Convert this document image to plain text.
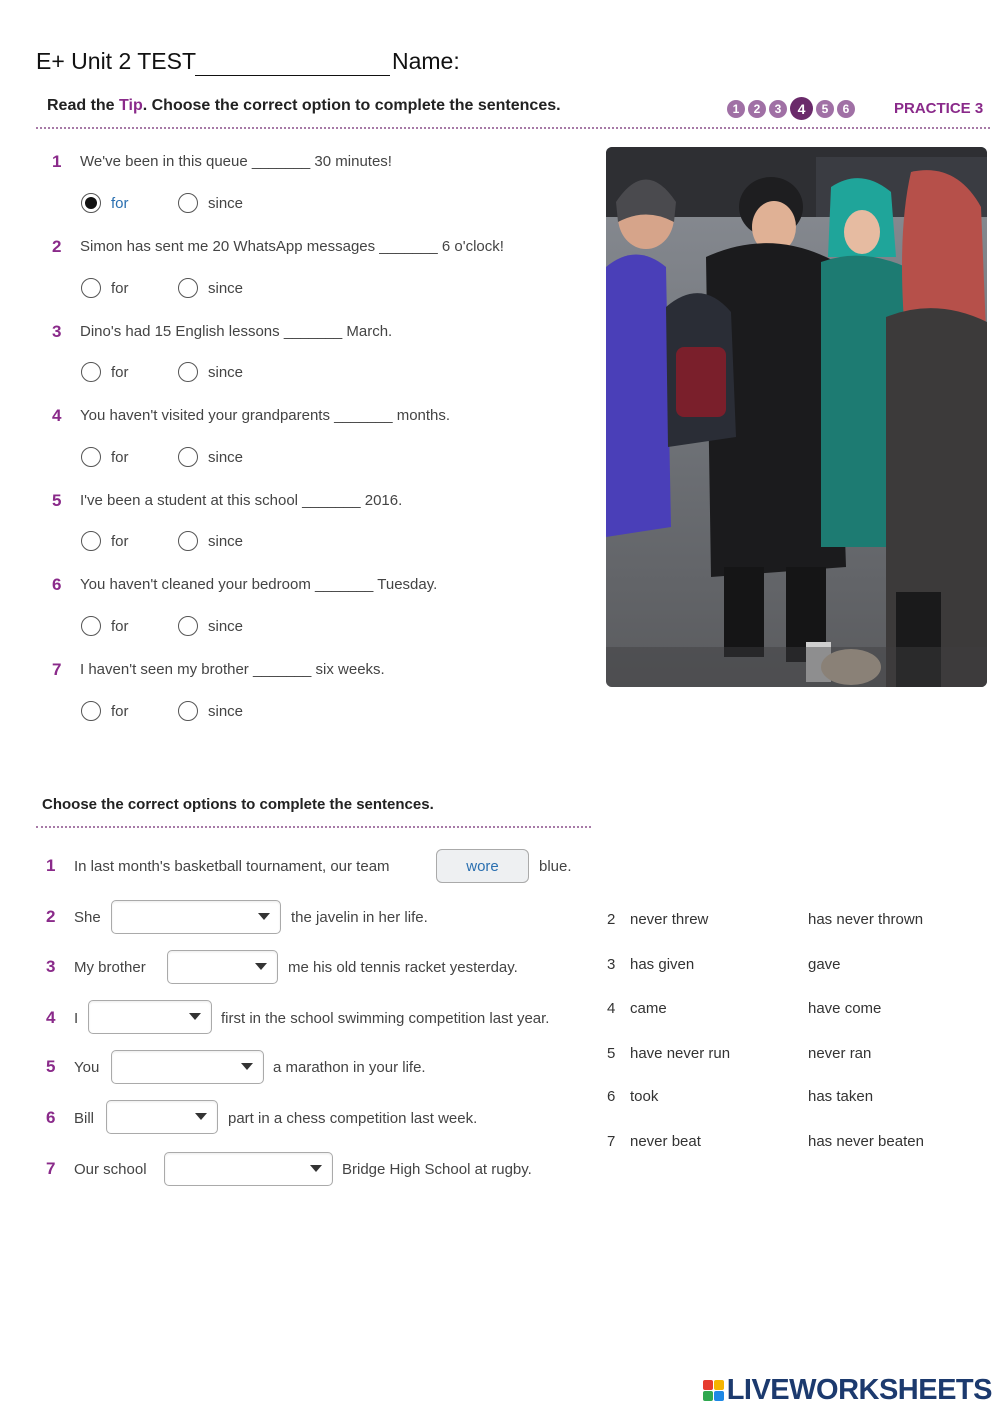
E+ Unit 2 TEST	Name:
Read the Tip. Choose the correct option to complete the sentences.	1	2	3	4	5	6	PRACTICE 3
1	We've been in this queue _______ 30 minutes!
for	since
2	Simon has sent me 20 WhatsApp messages _______ 6 o'clock!
for	since
3	Dino's had 15 English lessons _______ March.
for	since
4	You haven't visited your grandparents _______ months.
for	since
5	I've been a student at this school _______ 2016.
for	since
6	You haven't cleaned your bedroom _______ Tuesday.
for	since
7	I haven't seen my brother _______ six weeks.
for	since
Choose the correct options to complete the sentences.
1	In last month's basketball tournament, our team	wore	blue.
2	She	the javelin in her life.
3	My brother	me his old tennis racket yesterday.
4	I	first in the school swimming competition last year.
5	You	a marathon in your life.
6	Bill	part in a chess competition last week.
7	Our school	Bridge High School at rugby.
2 never threw	has never thrown
3 has given	gave
4 came	have come
5 have never run	never ran
6 took	has taken
7 never beat	has never beaten
LIVEWORKSHEETS
